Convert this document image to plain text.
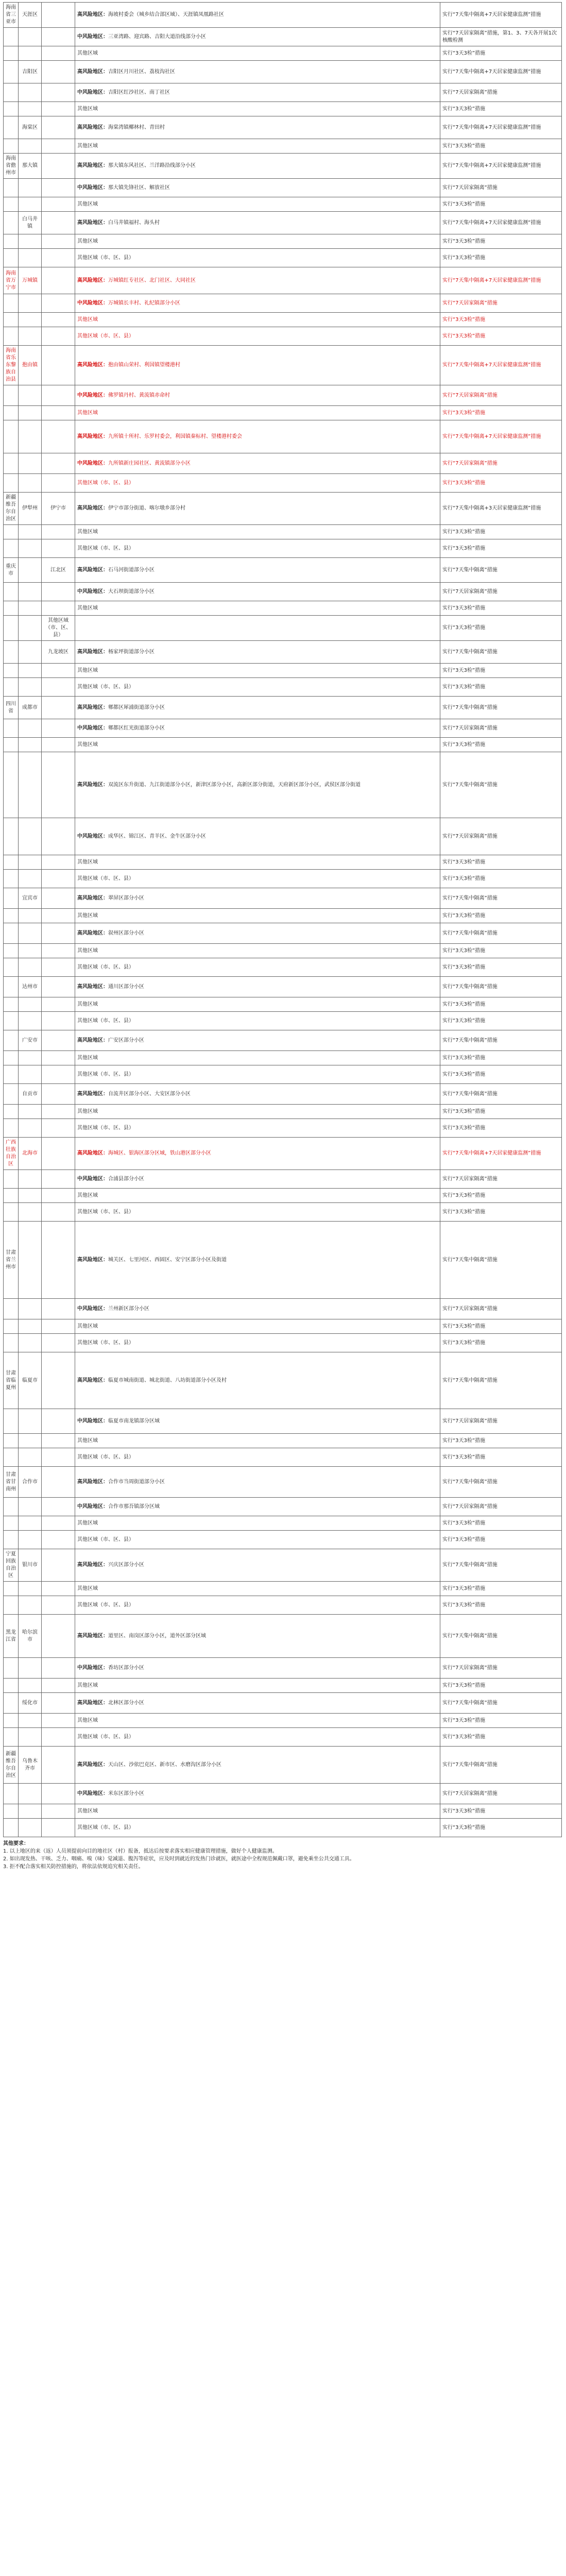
海南省三亚市	天涯区		高风险地区：海坡村委会（城乡结合部区域）、天涯镇凤凰路社区	实行“7天集中隔离+7天居家健康监测”措施
			中风险地区：三亚湾路、迎宾路、吉阳大道沿线部分小区	实行“7天居家隔离”措施，第1、3、7天各开展1次核酸检测
			其他区域	实行“3天3检”措施
	吉阳区		高风险地区：吉阳区月川社区、荔枝沟社区	实行“7天集中隔离+7天居家健康监测”措施
			中风险地区：吉阳区红沙社区、南丁社区	实行“7天居家隔离”措施
			其他区域	实行“3天3检”措施
	海棠区		高风险地区：海棠湾镇椰林村、青田村	实行“7天集中隔离+7天居家健康监测”措施
			其他区域	实行“3天3检”措施
海南省儋州市	那大镇		高风险地区：那大镇东风社区、兰洋路沿线部分小区	实行“7天集中隔离+7天居家健康监测”措施
			中风险地区：那大镇先锋社区、解放社区	实行“7天居家隔离”措施
			其他区域	实行“3天3检”措施
	白马井镇		高风险地区：白马井镇福村、海头村	实行“7天集中隔离+7天居家健康监测”措施
			其他区域	实行“3天3检”措施
			其他区域（市、区、县）	实行“3天3检”措施
海南省万宁市	万城镇		高风险地区：万城镇红专社区、北门社区、大同社区	实行“7天集中隔离+7天居家健康监测”措施
			中风险地区：万城镇长丰村、礼纪镇部分小区	实行“7天居家隔离”措施
			其他区域	实行“3天3检”措施
			其他区域（市、区、县）	实行“3天3检”措施
海南省乐东黎族自治县	抱由镇		高风险地区：抱由镇山荣村、利国镇望楼港村	实行“7天集中隔离+7天居家健康监测”措施
			中风险地区：佛罗镇丹村、黄流镇赤命村	实行“7天居家隔离”措施
			其他区域	实行“3天3检”措施
			高风险地区：九所镇十所村、乐罗村委会，利国镇秦标村、望楼港村委会	实行“7天集中隔离+7天居家健康监测”措施
			中风险地区：九所镇新庄园社区、黄流镇部分小区	实行“7天居家隔离”措施
			其他区域（市、区、县）	实行“3天3检”措施
新疆维吾尔自治区	伊犁州	伊宁市	高风险地区：伊宁市部分街道、喀尔墩乡部分村	实行“7天集中隔离+3天居家健康监测”措施
			其他区域	实行“3天3检”措施
			其他区域（市、区、县）	实行“3天3检”措施
重庆市		江北区	高风险地区：石马河街道部分小区	实行“7天集中隔离”措施
			中风险地区：大石坝街道部分小区	实行“7天居家隔离”措施
			其他区域	实行“3天3检”措施
		其他区域（市、区、县）		实行“3天3检”措施
		九龙坡区	高风险地区：杨家坪街道部分小区	实行“7天集中隔离”措施
			其他区域	实行“3天3检”措施
			其他区域（市、区、县）	实行“3天3检”措施
四川省	成都市		高风险地区：郫都区犀浦街道部分小区	实行“7天集中隔离”措施
			中风险地区：郫都区红光街道部分小区	实行“7天居家隔离”措施
			其他区域	实行“3天3检”措施
			高风险地区：双流区东升街道、九江街道部分小区，新津区部分小区，高新区部分街道，天府新区部分小区，武侯区部分街道	实行“7天集中隔离”措施
			中风险地区：成华区、锦江区、青羊区、金牛区部分小区	实行“7天居家隔离”措施
			其他区域	实行“3天3检”措施
			其他区域（市、区、县）	实行“3天3检”措施
	宜宾市		高风险地区：翠屏区部分小区	实行“7天集中隔离”措施
			其他区域	实行“3天3检”措施
			高风险地区：叙州区部分小区	实行“7天集中隔离”措施
			其他区域	实行“3天3检”措施
			其他区域（市、区、县）	实行“3天3检”措施
	达州市		高风险地区：通川区部分小区	实行“7天集中隔离”措施
			其他区域	实行“3天3检”措施
			其他区域（市、区、县）	实行“3天3检”措施
	广安市		高风险地区：广安区部分小区	实行“7天集中隔离”措施
			其他区域	实行“3天3检”措施
			其他区域（市、区、县）	实行“3天3检”措施
	自贡市		高风险地区：自流井区部分小区、大安区部分小区	实行“7天集中隔离”措施
			其他区域	实行“3天3检”措施
			其他区域（市、区、县）	实行“3天3检”措施
广西壮族自治区	北海市		高风险地区：海城区、银海区部分区域，铁山港区部分小区	实行“7天集中隔离+7天居家健康监测”措施
			中风险地区：合浦县部分小区	实行“7天居家隔离”措施
			其他区域	实行“3天3检”措施
			其他区域（市、区、县）	实行“3天3检”措施
甘肃省兰州市			高风险地区：城关区、七里河区、西固区、安宁区部分小区及街道	实行“7天集中隔离”措施
			中风险地区：兰州新区部分小区	实行“7天居家隔离”措施
			其他区域	实行“3天3检”措施
			其他区域（市、区、县）	实行“3天3检”措施
甘肃省临夏州	临夏市		高风险地区：临夏市城南街道、城北街道、八坊街道部分小区及村	实行“7天集中隔离”措施
			中风险地区：临夏市南龙镇部分区域	实行“7天居家隔离”措施
			其他区域	实行“3天3检”措施
			其他区域（市、区、县）	实行“3天3检”措施
甘肃省甘南州	合作市		高风险地区：合作市当周街道部分小区	实行“7天集中隔离”措施
			中风险地区：合作市那吾镇部分区域	实行“7天居家隔离”措施
			其他区域	实行“3天3检”措施
			其他区域（市、区、县）	实行“3天3检”措施
宁夏回族自治区	银川市		高风险地区：兴庆区部分小区	实行“7天集中隔离”措施
			其他区域	实行“3天3检”措施
			其他区域（市、区、县）	实行“3天3检”措施
黑龙江省	哈尔滨市		高风险地区：道里区、南岗区部分小区，道外区部分区域	实行“7天集中隔离”措施
			中风险地区：香坊区部分小区	实行“7天居家隔离”措施
			其他区域	实行“3天3检”措施
	绥化市		高风险地区：北林区部分小区	实行“7天集中隔离”措施
			其他区域	实行“3天3检”措施
			其他区域（市、区、县）	实行“3天3检”措施
新疆维吾尔自治区	乌鲁木齐市		高风险地区：天山区、沙依巴克区、新市区、水磨沟区部分小区	实行“7天集中隔离”措施
			中风险地区：米东区部分小区	实行“7天居家隔离”措施
			其他区域	实行“3天3检”措施
			其他区域（市、区、县）	实行“3天3检”措施

其他要求：

1. 以上地区的来（返）人员须提前向目的地社区（村）报备，抵达后按要求落实相应健康管理措施，做好个人健康监测。

2. 如出现发热、干咳、乏力、咽痛、嗅（味）觉减退、腹泻等症状，应及时到就近的发热门诊就医，就医途中全程规范佩戴口罩，避免乘坐公共交通工具。

3. 拒不配合落实相关防控措施的，将依法依规追究相关责任。
